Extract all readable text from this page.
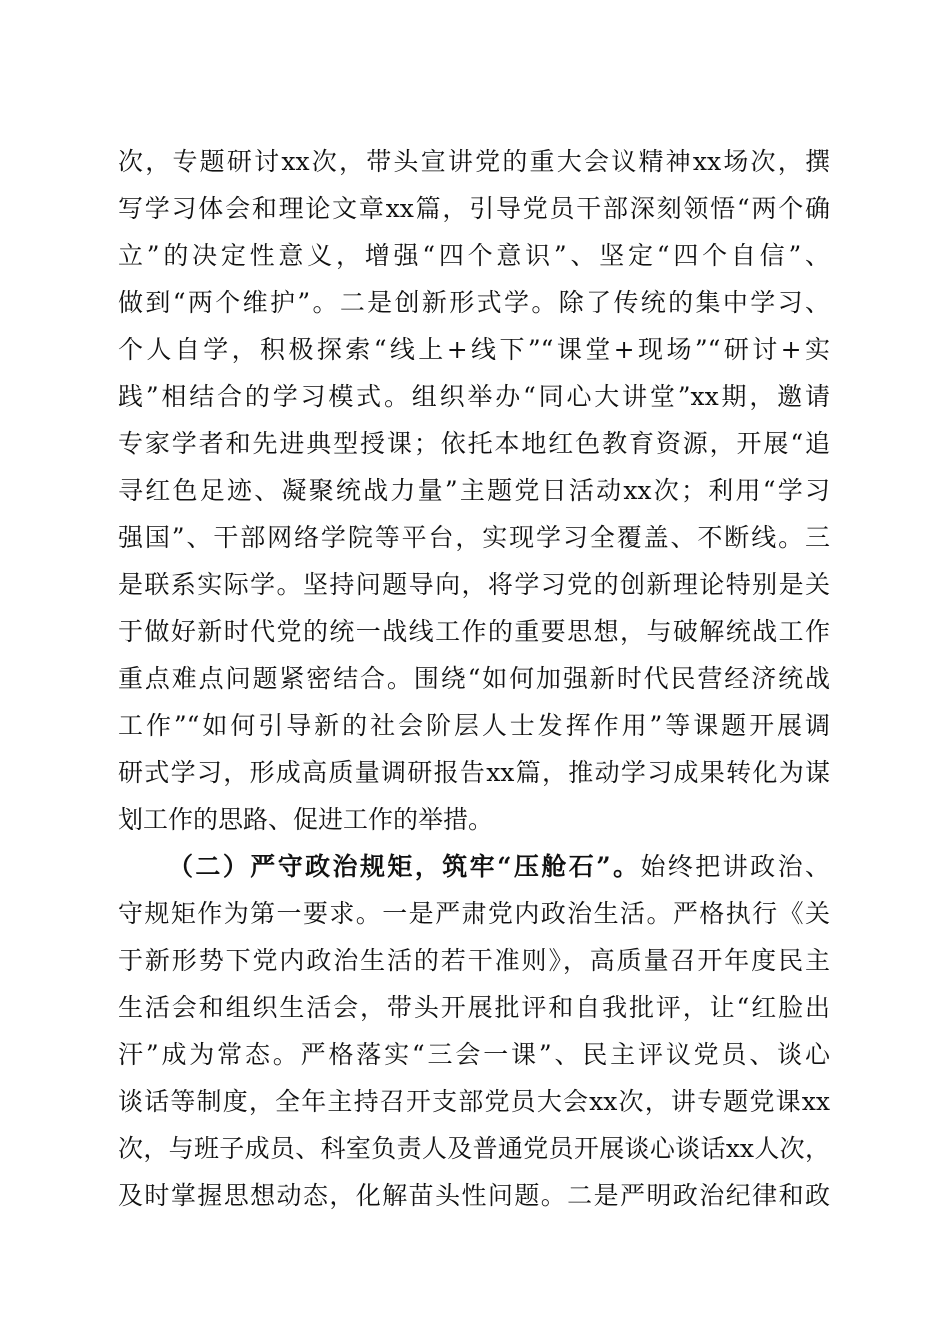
次，专题研讨xx次，带头宣讲党的重大会议精神xx场次，撰
写学习体会和理论文章xx篇，引导党员干部深刻领悟“两个确
立”的决定性意义，增强“四个意识”、坚定“四个自信”、
做到“两个维护”。二是创新形式学。除了传统的集中学习、
个人自学，积极探索“线上+线下”“课堂+现场”“研讨+实
践”相结合的学习模式。组织举办“同心大讲堂”xx期，邀请
专家学者和先进典型授课；依托本地红色教育资源，开展“追
寻红色足迹、凝聚统战力量”主题党日活动xx次；利用“学习
强国”、干部网络学院等平台，实现学习全覆盖、不断线。三
是联系实际学。坚持问题导向，将学习党的创新理论特别是关
于做好新时代党的统一战线工作的重要思想，与破解统战工作
重点难点问题紧密结合。围绕“如何加强新时代民营经济统战
工作”“如何引导新的社会阶层人士发挥作用”等课题开展调
研式学习，形成高质量调研报告xx篇，推动学习成果转化为谋
划工作的思路、促进工作的举措。
（二）严守政治规矩，筑牢“压舱石”。始终把讲政治、
守规矩作为第一要求。一是严肃党内政治生活。严格执行《关
于新形势下党内政治生活的若干准则》，高质量召开年度民主
生活会和组织生活会，带头开展批评和自我批评，让“红脸出
汗”成为常态。严格落实“三会一课”、民主评议党员、谈心
谈话等制度，全年主持召开支部党员大会xx次，讲专题党课xx
次，与班子成员、科室负责人及普通党员开展谈心谈话xx人次，
及时掌握思想动态，化解苗头性问题。二是严明政治纪律和政
